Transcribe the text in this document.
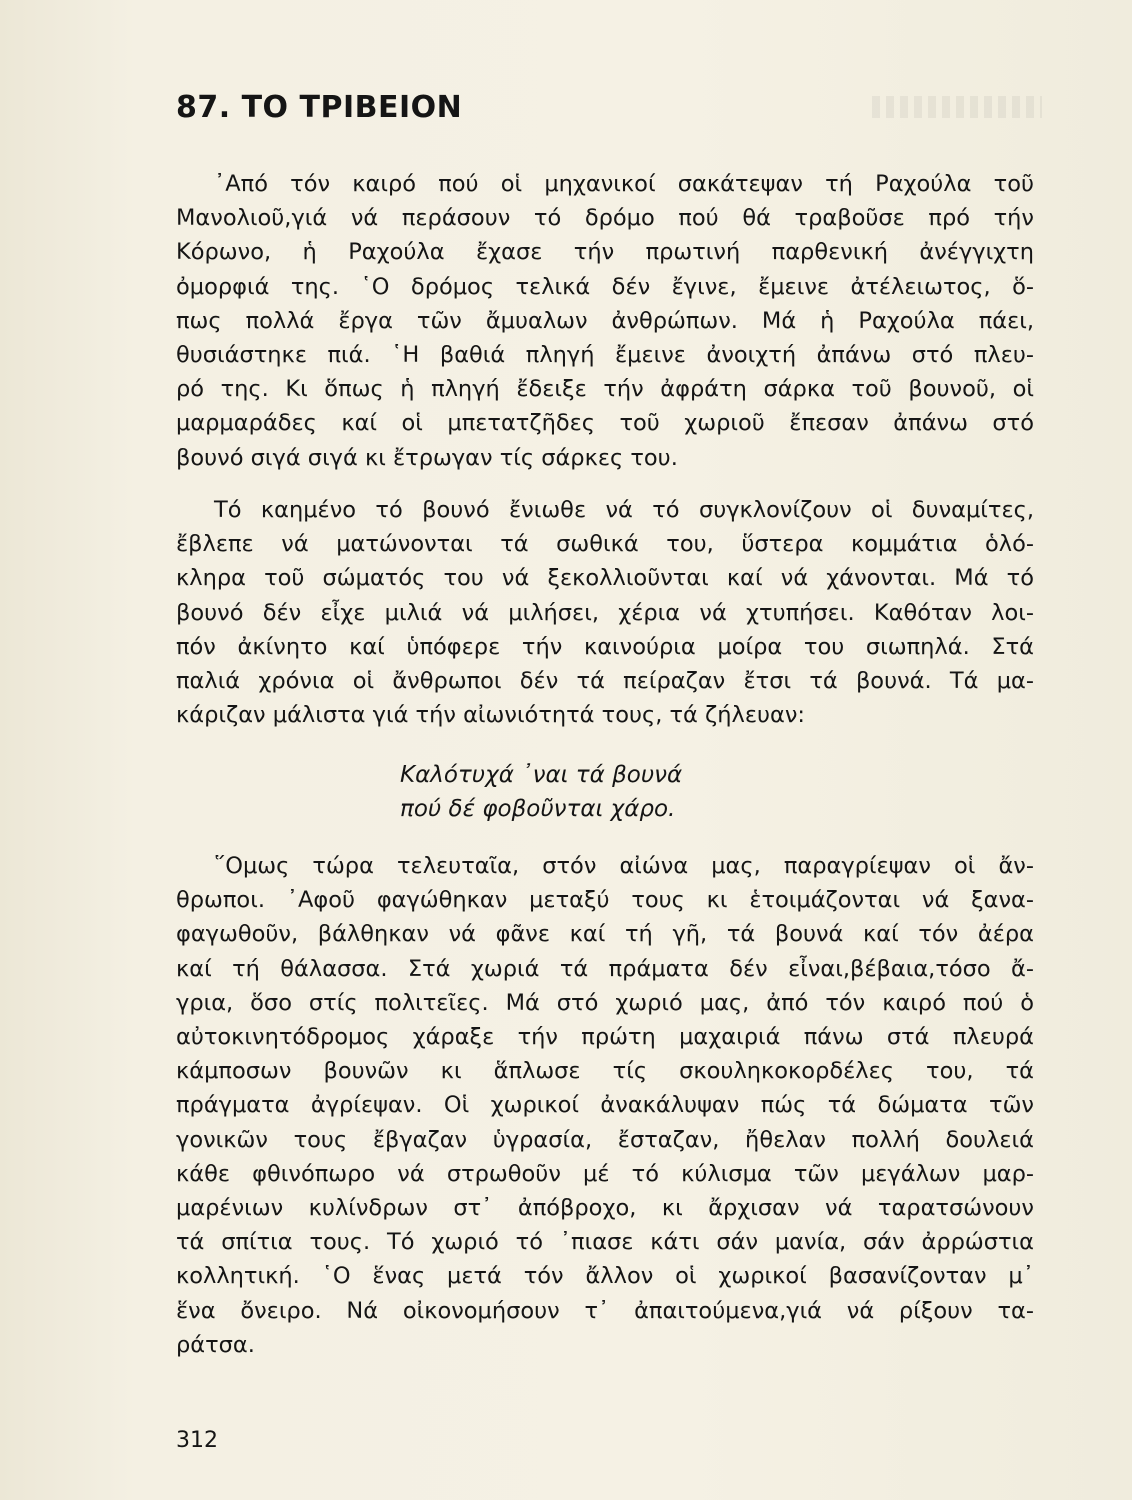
87. ΤΟ ΤΡΙΒΕΙΟΝ
᾿Από τόν καιρό πού οἱ μηχανικοί σακάτεψαν τή Ραχούλα τοῦ
Μανολιοῦ,γιά νά περάσουν τό δρόμο πού θά τραβοῦσε πρό τήν
Κόρωνο, ἡ Ραχούλα ἔχασε τήν πρωτινή παρθενική ἀνέγγιχτη
ὀμορφιά της. ῾Ο δρόμος τελικά δέν ἔγινε, ἔμεινε ἀτέλειωτος, ὅ-
πως πολλά ἔργα τῶν ἄμυαλων ἀνθρώπων. Μά ἡ Ραχούλα πάει,
θυσιάστηκε πιά. ῾Η βαθιά πληγή ἔμεινε ἀνοιχτή ἀπάνω στό πλευ-
ρό της. Κι ὅπως ἡ πληγή ἔδειξε τήν ἀφράτη σάρκα τοῦ βουνοῦ, οἱ
μαρμαράδες καί οἱ μπετατζῆδες τοῦ χωριοῦ ἔπεσαν ἀπάνω στό
βουνό σιγά σιγά κι ἔτρωγαν τίς σάρκες του.
Τό καημένο τό βουνό ἔνιωθε νά τό συγκλονίζουν οἱ δυναμίτες,
ἔβλεπε νά ματώνονται τά σωθικά του, ὕστερα κομμάτια ὁλό-
κληρα τοῦ σώματός του νά ξεκολλιοῦνται καί νά χάνονται. Μά τό
βουνό δέν εἶχε μιλιά νά μιλήσει, χέρια νά χτυπήσει. Καθόταν λοι-
πόν ἀκίνητο καί ὑπόφερε τήν καινούρια μοίρα του σιωπηλά. Στά
παλιά χρόνια οἱ ἄνθρωποι δέν τά πείραζαν ἔτσι τά βουνά. Τά μα-
κάριζαν μάλιστα γιά τήν αἰωνιότητά τους, τά ζήλευαν:
Καλότυχά ᾿ναι τά βουνά
πού δέ φοβοῦνται χάρο.
῞Ομως τώρα τελευταῖα, στόν αἰώνα μας, παραγρίεψαν οἱ ἄν-
θρωποι. ᾿Αφοῦ φαγώθηκαν μεταξύ τους κι ἑτοιμάζονται νά ξανα-
φαγωθοῦν, βάλθηκαν νά φᾶνε καί τή γῆ, τά βουνά καί τόν ἀέρα
καί τή θάλασσα. Στά χωριά τά πράματα δέν εἶναι,βέβαια,τόσο ἄ-
γρια, ὅσο στίς πολιτεῖες. Μά στό χωριό μας, ἀπό τόν καιρό πού ὁ
αὐτοκινητόδρομος χάραξε τήν πρώτη μαχαιριά πάνω στά πλευρά
κάμποσων βουνῶν κι ἅπλωσε τίς σκουληκοκορδέλες του, τά
πράγματα ἀγρίεψαν. Οἱ χωρικοί ἀνακάλυψαν πώς τά δώματα τῶν
γονικῶν τους ἔβγαζαν ὑγρασία, ἔσταζαν, ἤθελαν πολλή δουλειά
κάθε φθινόπωρο νά στρωθοῦν μέ τό κύλισμα τῶν μεγάλων μαρ-
μαρένιων κυλίνδρων στ᾿ ἀπόβροχο, κι ἄρχισαν νά ταρατσώνουν
τά σπίτια τους. Τό χωριό τό ᾿πιασε κάτι σάν μανία, σάν ἀρρώστια
κολλητική. ῾Ο ἕνας μετά τόν ἄλλον οἱ χωρικοί βασανίζονταν μ᾿
ἕνα ὄνειρο. Νά οἰκονομήσουν τ᾿ ἀπαιτούμενα,γιά νά ρίξουν τα-
ράτσα.
312
